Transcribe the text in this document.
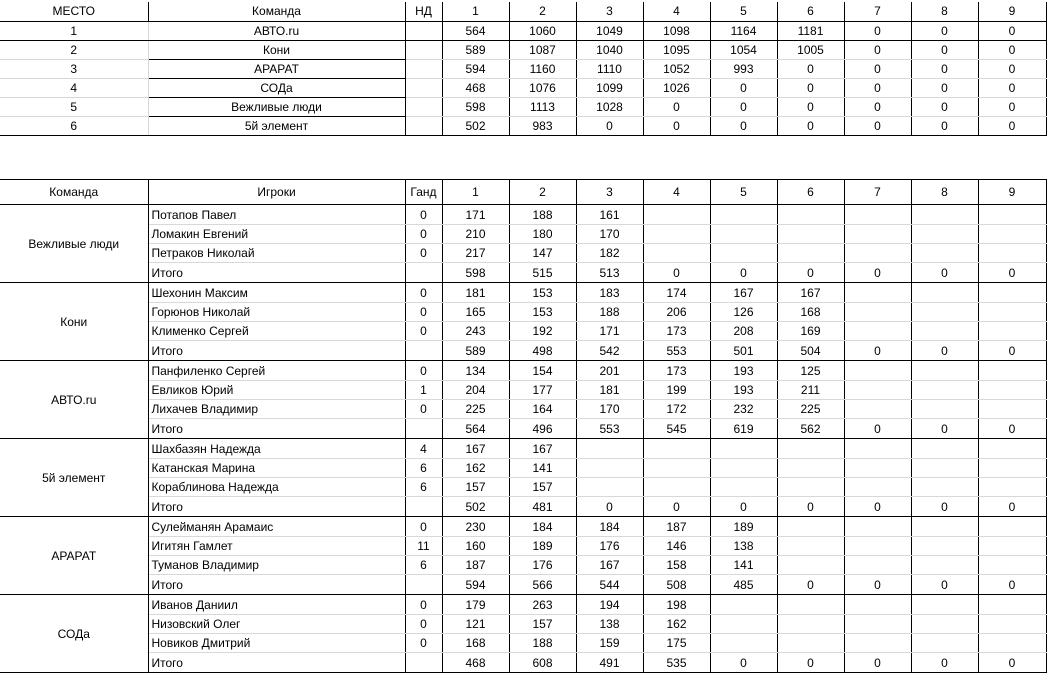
МЕСТО	Команда	НД	1	2	3	4	5	6	7	8	9
1	АВТО.ru		564	1060	1049	1098	1164	1181	0	0	0
2	Кони		589	1087	1040	1095	1054	1005	0	0	0
3	АРАРАТ		594	1160	1110	1052	993	0	0	0	0
4	СОДа		468	1076	1099	1026	0	0	0	0	0
5	Вежливые люди		598	1113	1028	0	0	0	0	0	0
6	5й элемент		502	983	0	0	0	0	0	0	0
Команда	Игроки	Ганд	1	2	3	4	5	6	7	8	9
Вежливые люди	Потапов Павел	0	171	188	161						
	Ломакин Евгений	0	210	180	170						
	Петраков Николай	0	217	147	182						
	Итого		598	515	513	0	0	0	0	0	0
Кони	Шехонин Максим	0	181	153	183	174	167	167			
	Горюнов Николай	0	165	153	188	206	126	168			
	Клименко Сергей	0	243	192	171	173	208	169			
	Итого		589	498	542	553	501	504	0	0	0
АВТО.ru	Панфиленко Сергей	0	134	154	201	173	193	125			
	Евликов Юрий	1	204	177	181	199	193	211			
	Лихачев Владимир	0	225	164	170	172	232	225			
	Итого		564	496	553	545	619	562	0	0	0
5й элемент	Шахбазян Надежда	4	167	167							
	Катанская Марина	6	162	141							
	Кораблинова Надежда	6	157	157							
	Итого		502	481	0	0	0	0	0	0	0
АРАРАТ	Сулейманян Арамаис	0	230	184	184	187	189				
	Игитян Гамлет	11	160	189	176	146	138				
	Туманов Владимир	6	187	176	167	158	141				
	Итого		594	566	544	508	485	0	0	0	0
СОДа	Иванов Даниил	0	179	263	194	198					
	Низовский Олег	0	121	157	138	162					
	Новиков Дмитрий	0	168	188	159	175					
	Итого		468	608	491	535	0	0	0	0	0
